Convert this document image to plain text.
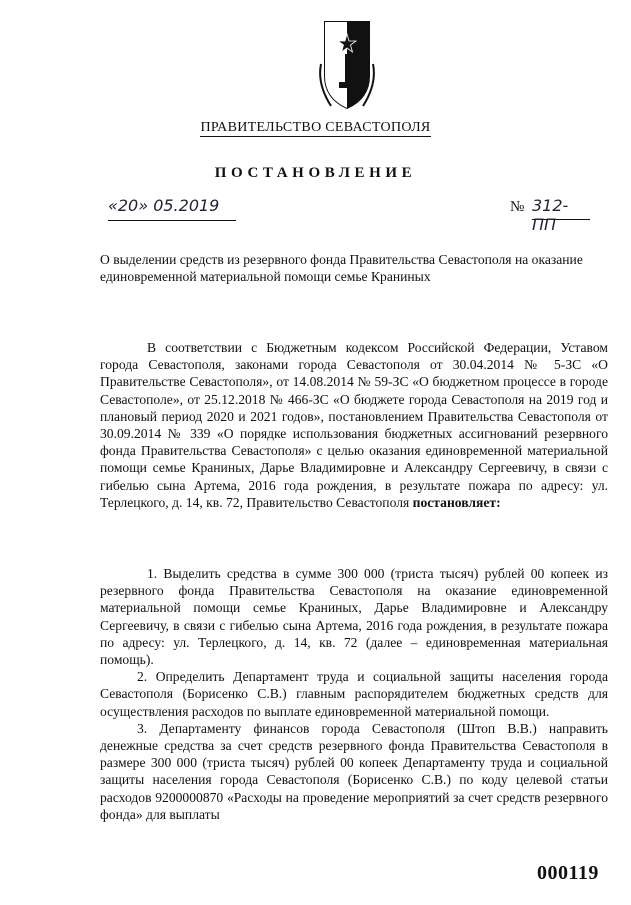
ПРАВИТЕЛЬСТВО СЕВАСТОПОЛЯ
ПОСТАНОВЛЕНИЕ
«20» 05.2019	№ 312-ПП
О выделении средств из резервного фонда Правительства Севастополя на оказание единовременной материальной помощи семье Краниных

В соответствии с Бюджетным кодексом Российской Федерации, Уставом города Севастополя, законами города Севастополя от 30.04.2014 № 5-ЗС «О Правительстве Севастополя», от 14.08.2014 № 59-ЗС «О бюджетном процессе в городе Севастополе», от 25.12.2018 № 466-ЗС «О бюджете города Севастополя на 2019 год и плановый период 2020 и 2021 годов», постановлением Правительства Севастополя от 30.09.2014 № 339 «О порядке использования бюджетных ассигнований резервного фонда Правительства Севастополя» с целью оказания единовременной материальной помощи семье Краниных, Дарье Владимировне и Александру Сергеевичу, в связи с гибелью сына Артема, 2016 года рождения, в результате пожара по адресу: ул. Терлецкого, д. 14, кв. 72, Правительство Севастополя постановляет:

1. Выделить средства в сумме 300 000 (триста тысяч) рублей 00 копеек из резервного фонда Правительства Севастополя на оказание единовременной материальной помощи семье Краниных, Дарье Владимировне и Александру Сергеевичу, в связи с гибелью сына Артема, 2016 года рождения, в результате пожара по адресу: ул. Терлецкого, д. 14, кв. 72 (далее – единовременная материальная помощь).

2. Определить Департамент труда и социальной защиты населения города Севастополя (Борисенко С.В.) главным распорядителем бюджетных средств для осуществления расходов по выплате единовременной материальной помощи.

3. Департаменту финансов города Севастополя (Штоп В.В.) направить денежные средства за счет средств резервного фонда Правительства Севастополя в размере 300 000 (триста тысяч) рублей 00 копеек Департаменту труда и социальной защиты населения города Севастополя (Борисенко С.В.) по коду целевой статьи расходов 9200000870 «Расходы на проведение мероприятий за счет средств резервного фонда» для выплаты

000119
